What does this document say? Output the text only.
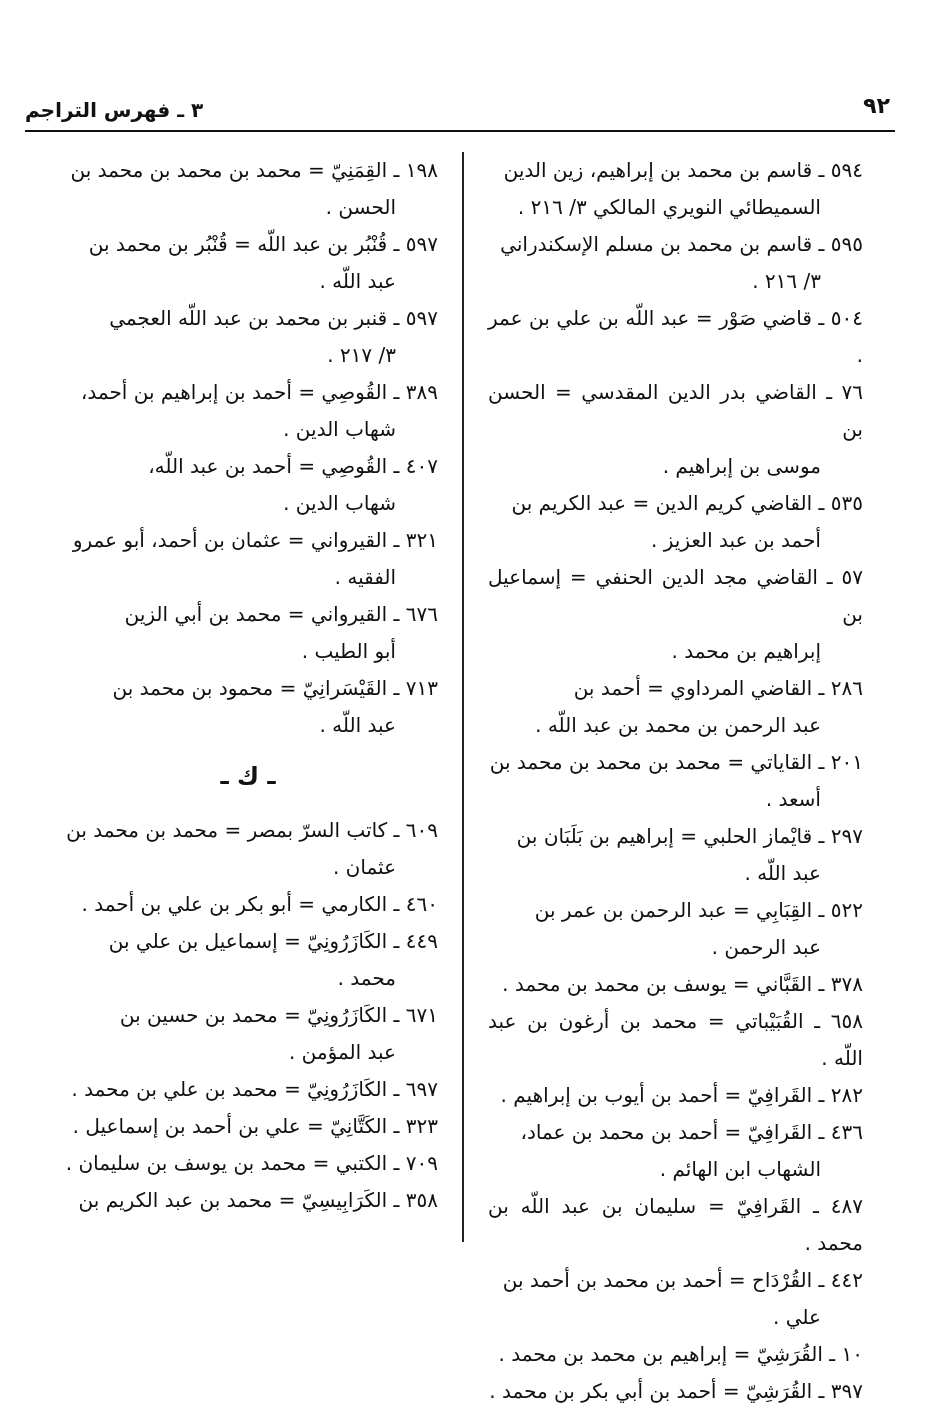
٩٢
٣ ـ فهرس التراجم
٥٩٤ ـ قاسم بن محمد بن إبراهيم، زين الدين
السميطائي النويري المالكي ٣/ ٢١٦ .
٥٩٥ ـ قاسم بن محمد بن مسلم الإسكندراني
٣/ ٢١٦ .
٥٠٤ ـ قاضي صَوْر = عبد اللّه بن علي بن عمر .
٧٦ ـ القاضي بدر الدين المقدسي = الحسن بن
موسى بن إبراهيم .
٥٣٥ ـ القاضي كريم الدين = عبد الكريم بن
أحمد بن عبد العزيز .
٥٧ ـ القاضي مجد الدين الحنفي = إسماعيل بن
إبراهيم بن محمد .
٢٨٦ ـ القاضي المرداوي = أحمد بن
عبد الرحمن بن محمد بن عبد اللّه .
٢٠١ ـ القاياتي = محمد بن محمد بن محمد بن
أسعد .
٢٩٧ ـ قايْماز الحلبي = إبراهيم بن بَلَبَان بن
عبد اللّه .
٥٢٢ ـ القِبَابِي = عبد الرحمن بن عمر بن
عبد الرحمن .
٣٧٨ ـ القَبَّاني = يوسف بن محمد بن محمد .
٦٥٨ ـ القُبَيْباتي = محمد بن أرغون بن عبد اللّه .
٢٨٢ ـ القَرافِيّ = أحمد بن أيوب بن إبراهيم .
٤٣٦ ـ القَرافِيّ = أحمد بن محمد بن عماد،
الشهاب ابن الهائم .
٤٨٧ ـ القَرافِيّ = سليمان بن عبد اللّه بن محمد .
٤٤٢ ـ القُرْدَاح = أحمد بن محمد بن أحمد بن
علي .
١٠ ـ القُرَشِيّ = إبراهيم بن محمد بن محمد .
٣٩٧ ـ القُرَشِيّ = أحمد بن أبي بكر بن محمد .
١٩٨ ـ القِمَنِيّ = محمد بن محمد بن محمد بن
الحسن .
٥٩٧ ـ قُنْبُر بن عبد اللّه = قُنْبُر بن محمد بن
عبد اللّه .
٥٩٧ ـ قنبر بن محمد بن عبد اللّه العجمي
٣/ ٢١٧ .
٣٨٩ ـ القُوصِي = أحمد بن إبراهيم بن أحمد،
شهاب الدين .
٤٠٧ ـ القُوصِي = أحمد بن عبد اللّه،
شهاب الدين .
٣٢١ ـ القيرواني = عثمان بن أحمد، أبو عمرو
الفقيه .
٦٧٦ ـ القيرواني = محمد بن أبي الزين
أبو الطيب .
٧١٣ ـ القَيْسَرانِيّ = محمود بن محمد بن
عبد اللّه .
ـ ك ـ
٦٠٩ ـ كاتب السرّ بمصر = محمد بن محمد بن
عثمان .
٤٦٠ ـ الكارمي = أبو بكر بن علي بن أحمد .
٤٤٩ ـ الكَازَرُونِيّ = إسماعيل بن علي بن
محمد .
٦٧١ ـ الكَازَرُونِيّ = محمد بن حسين بن
عبد المؤمن .
٦٩٧ ـ الكَازَرُونِيّ = محمد بن علي بن محمد .
٣٢٣ ـ الكَتَّانِيّ = علي بن أحمد بن إسماعيل .
٧٠٩ ـ الكتبي = محمد بن يوسف بن سليمان .
٣٥٨ ـ الكَرَابِيسِيّ = محمد بن عبد الكريم بن
